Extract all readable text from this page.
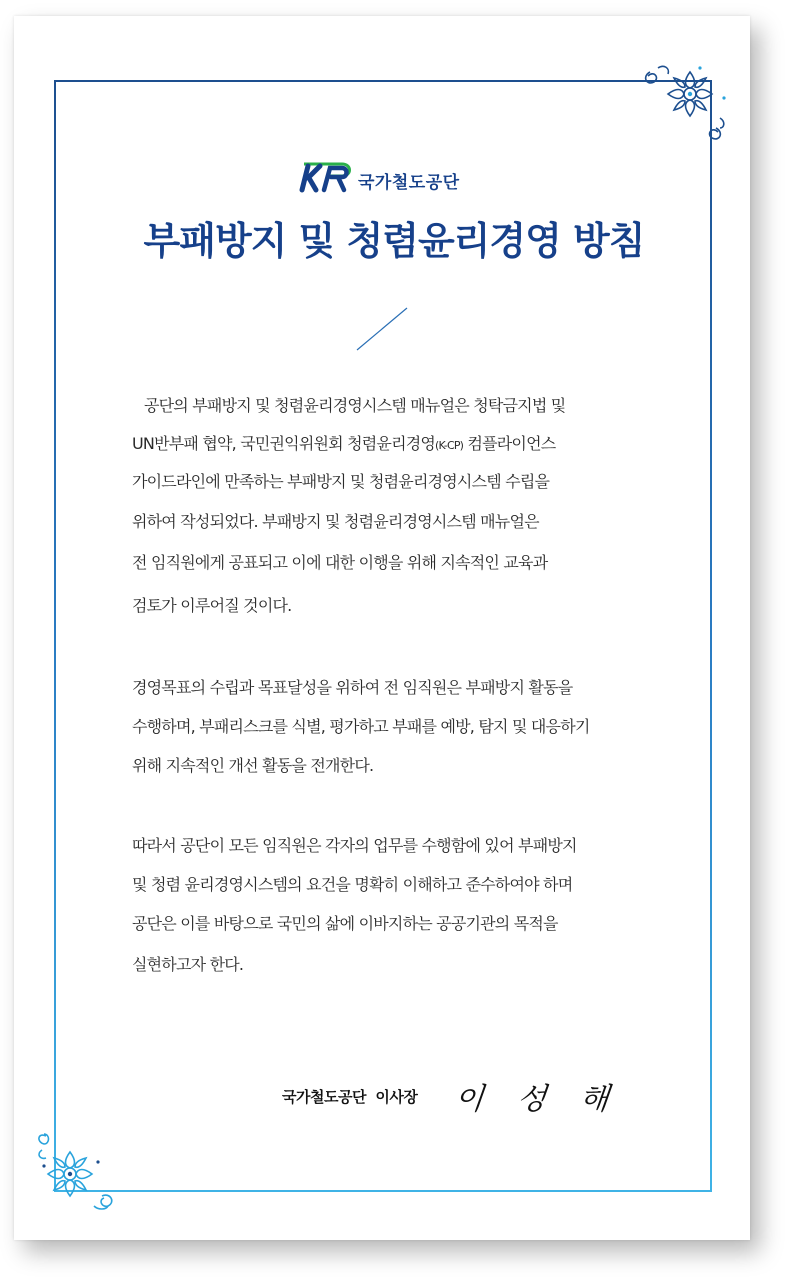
국가철도공단
부패방지 및 청렴윤리경영 방침
공단의 부패방지 및 청렴윤리경영시스템 매뉴얼은 청탁금지법 및
UN반부패 협약, 국민권익위원회 청렴윤리경영(K-CP) 컴플라이언스
가이드라인에 만족하는 부패방지 및 청렴윤리경영시스템 수립을
위하여 작성되었다. 부패방지 및 청렴윤리경영시스템 매뉴얼은
전 임직원에게 공표되고 이에 대한 이행을 위해 지속적인 교육과
검토가 이루어질 것이다.
경영목표의 수립과 목표달성을 위하여 전 임직원은 부패방지 활동을
수행하며, 부패리스크를 식별, 평가하고 부패를 예방, 탐지 및 대응하기
위해 지속적인 개선 활동을 전개한다.
따라서 공단이 모든 임직원은 각자의 업무를 수행함에 있어 부패방지
및 청렴 윤리경영시스템의 요건을 명확히 이해하고 준수하여야 하며
공단은 이를 바탕으로 국민의 삶에 이바지하는 공공기관의 목적을
실현하고자 한다.
국가철도공단  이사장 이 성 해
